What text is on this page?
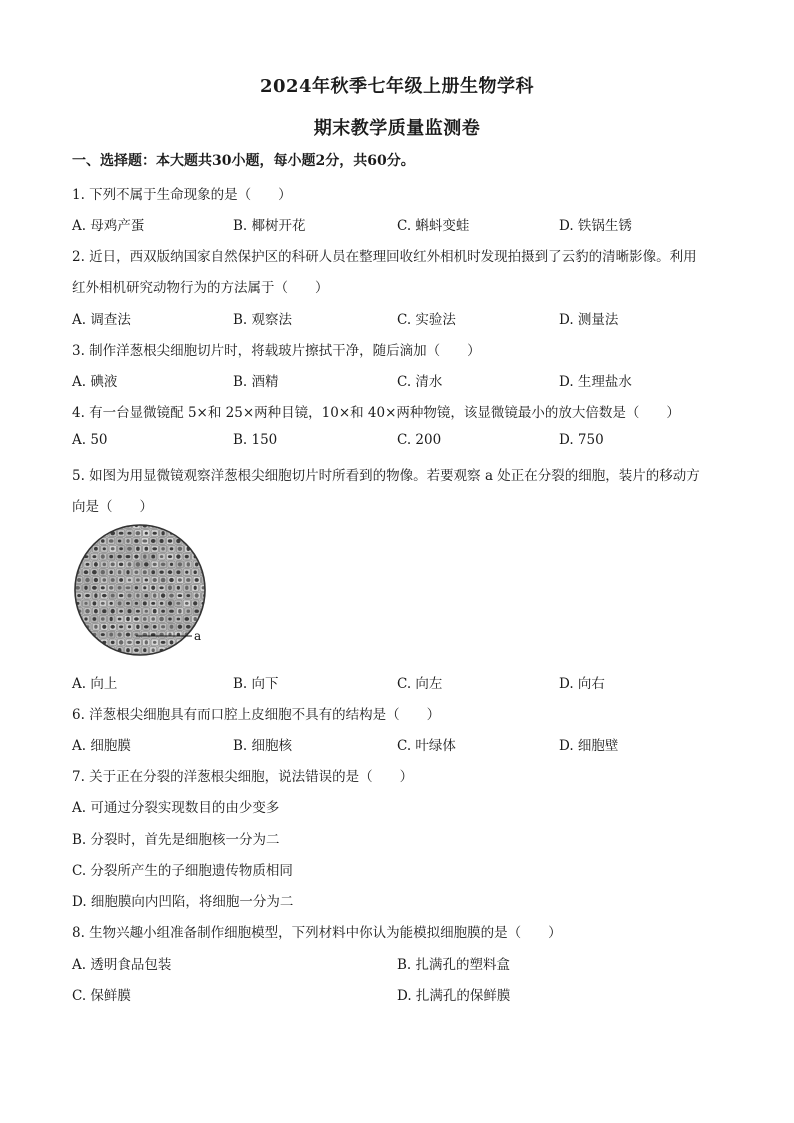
2024年秋季七年级上册生物学科
期末教学质量监测卷
一、选择题：本大题共30小题，每小题2分，共60分。
1. 下列不属于生命现象的是（　　）
A. 母鸡产蛋	B. 椰树开花	C. 蝌蚪变蛙	D. 铁锅生锈
2. 近日，西双版纳国家自然保护区的科研人员在整理回收红外相机时发现拍摄到了云豹的清晰影像。利用
红外相机研究动物行为的方法属于（　　）
A. 调查法	B. 观察法	C. 实验法	D. 测量法
3. 制作洋葱根尖细胞切片时，将载玻片擦拭干净，随后滴加（　　）
A. 碘液	B. 酒精	C. 清水	D. 生理盐水
4. 有一台显微镜配 5×和 25×两种目镜，10×和 40×两种物镜，该显微镜最小的放大倍数是（　　）
A. 50	B. 150	C. 200	D. 750
5. 如图为用显微镜观察洋葱根尖细胞切片时所看到的物像。若要观察 a 处正在分裂的细胞，装片的移动方
向是（　　）
a
A. 向上	B. 向下	C. 向左	D. 向右
6. 洋葱根尖细胞具有而口腔上皮细胞不具有的结构是（　　）
A. 细胞膜	B. 细胞核	C. 叶绿体	D. 细胞壁
7. 关于正在分裂的洋葱根尖细胞，说法错误的是（　　）
A. 可通过分裂实现数目的由少变多
B. 分裂时，首先是细胞核一分为二
C. 分裂所产生的子细胞遗传物质相同
D. 细胞膜向内凹陷，将细胞一分为二
8. 生物兴趣小组准备制作细胞模型，下列材料中你认为能模拟细胞膜的是（　　）
A. 透明食品包装	B. 扎满孔的塑料盒
C. 保鲜膜	D. 扎满孔的保鲜膜
